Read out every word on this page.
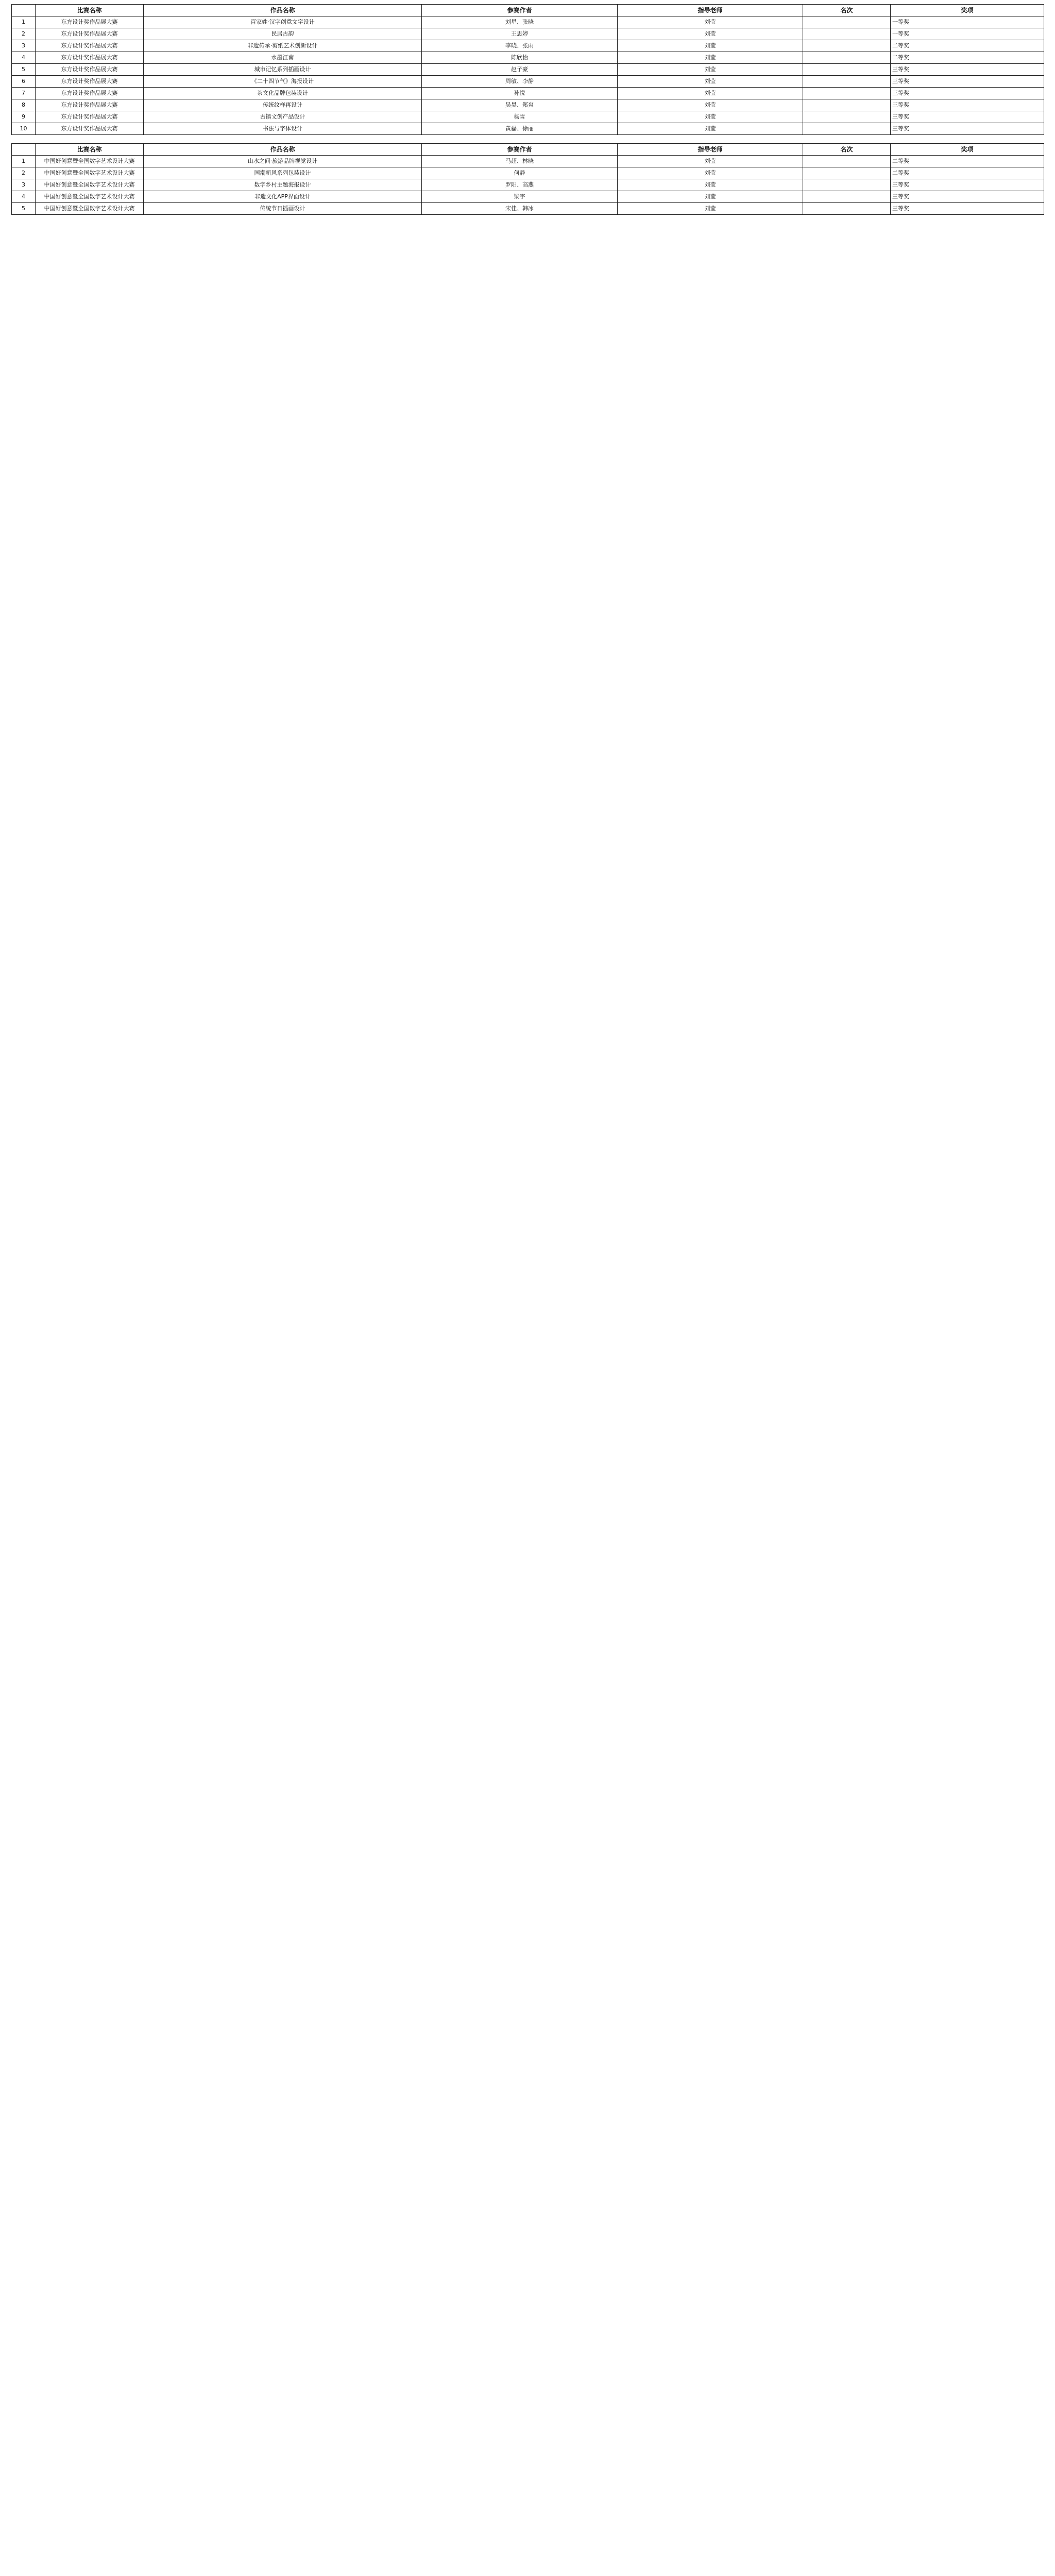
	比赛名称	作品名称	参赛作者	指导老师	名次	奖项
1	东方设计奖作品展大赛	百家姓·汉字创意文字设计	刘星、张晓	刘莹		一等奖
2	东方设计奖作品展大赛	民居古韵	王思婷	刘莹		一等奖
3	东方设计奖作品展大赛	非遗传承·剪纸艺术创新设计	李晓、张雨	刘莹		二等奖
4	东方设计奖作品展大赛	水墨江南	陈欣怡	刘莹		二等奖
5	东方设计奖作品展大赛	城市记忆系列插画设计	赵子豪	刘莹		三等奖
6	东方设计奖作品展大赛	《二十四节气》海报设计	周敏、李静	刘莹		三等奖
7	东方设计奖作品展大赛	茶文化品牌包装设计	孙悦	刘莹		三等奖
8	东方设计奖作品展大赛	传统纹样再设计	吴昊、郑爽	刘莹		三等奖
9	东方设计奖作品展大赛	古镇文创产品设计	杨雪	刘莹		三等奖
10	东方设计奖作品展大赛	书法与字体设计	黄磊、徐丽	刘莹		三等奖
	比赛名称	作品名称	参赛作者	指导老师	名次	奖项
1	中国好创意暨全国数字艺术设计大赛	山水之间·旅游品牌视觉设计	马超、林晓	刘莹		二等奖
2	中国好创意暨全国数字艺术设计大赛	国潮新风系列包装设计	何静	刘莹		二等奖
3	中国好创意暨全国数字艺术设计大赛	数字乡村主题海报设计	罗阳、高燕	刘莹		三等奖
4	中国好创意暨全国数字艺术设计大赛	非遗文化APP界面设计	梁宇	刘莹		三等奖
5	中国好创意暨全国数字艺术设计大赛	传统节日插画设计	宋佳、韩冰	刘莹		三等奖
